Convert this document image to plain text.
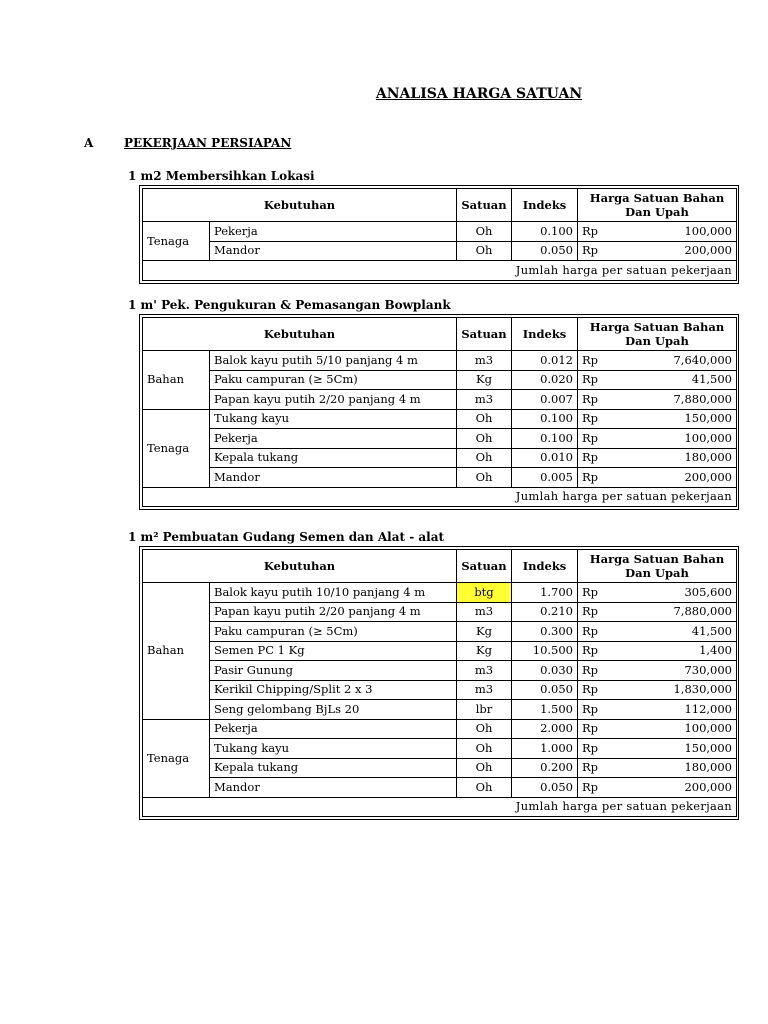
ANALISA HARGA SATUAN
A	PEKERJAAN PERSIAPAN
1 m2 Membersihkan Lokasi
Kebutuhan		Satuan	Indeks	Harga Satuan Bahan
Dan Upah	

Tenaga	Pekerja	Oh	0.100	Rp	100,000
	Mandor	Oh	0.050	Rp	200,000
Jumlah harga per satuan pekerjaan					
1 m' Pek. Pengukuran & Pemasangan Bowplank
Kebutuhan		Satuan	Indeks	Harga Satuan Bahan
Dan Upah	

Bahan	Balok kayu putih 5/10 panjang 4 m	m3	0.012	Rp	7,640,000
	Paku campuran (≥ 5Cm)	Kg	0.020	Rp	41,500
	Papan kayu putih 2/20 panjang 4 m	m3	0.007	Rp	7,880,000
Tenaga	Tukang kayu	Oh	0.100	Rp	150,000
	Pekerja	Oh	0.100	Rp	100,000
	Kepala tukang	Oh	0.010	Rp	180,000
	Mandor	Oh	0.005	Rp	200,000
Jumlah harga per satuan pekerjaan					
1 m² Pembuatan Gudang Semen dan Alat - alat
Kebutuhan		Satuan	Indeks	Harga Satuan Bahan
Dan Upah	

Bahan	Balok kayu putih 10/10 panjang 4 m	btg	1.700	Rp	305,600
	Papan kayu putih 2/20 panjang 4 m	m3	0.210	Rp	7,880,000
	Paku campuran (≥ 5Cm)	Kg	0.300	Rp	41,500
	Semen PC 1 Kg	Kg	10.500	Rp	1,400
	Pasir Gunung	m3	0.030	Rp	730,000
	Kerikil Chipping/Split 2 x 3	m3	0.050	Rp	1,830,000
	Seng gelombang BjLs 20	lbr	1.500	Rp	112,000
Tenaga	Pekerja	Oh	2.000	Rp	100,000
	Tukang kayu	Oh	1.000	Rp	150,000
	Kepala tukang	Oh	0.200	Rp	180,000
	Mandor	Oh	0.050	Rp	200,000
Jumlah harga per satuan pekerjaan					
